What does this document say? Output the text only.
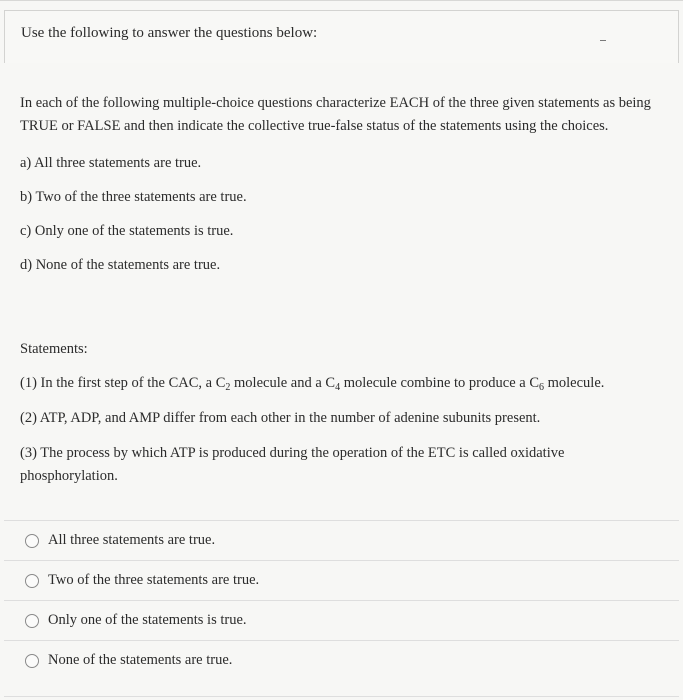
Use the following to answer the questions below:

In each of the following multiple-choice questions characterize EACH of the three given statements as being TRUE or FALSE and then indicate the collective true-false status of the statements using the choices.

a) All three statements are true.
b) Two of the three statements are true.
c) Only one of the statements is true.
d) None of the statements are true.
Statements:
(1) In the first step of the CAC, a $C_2$ molecule and a $C_4$ molecule combine to produce a $C_6$ molecule.
(2) ATP, ADP, and AMP differ from each other in the number of adenine subunits present.
(3) The process by which ATP is produced during the operation of the ETC is called oxidative phosphorylation.
All three statements are true.
Two of the three statements are true.
Only one of the statements is true.
None of the statements are true.
